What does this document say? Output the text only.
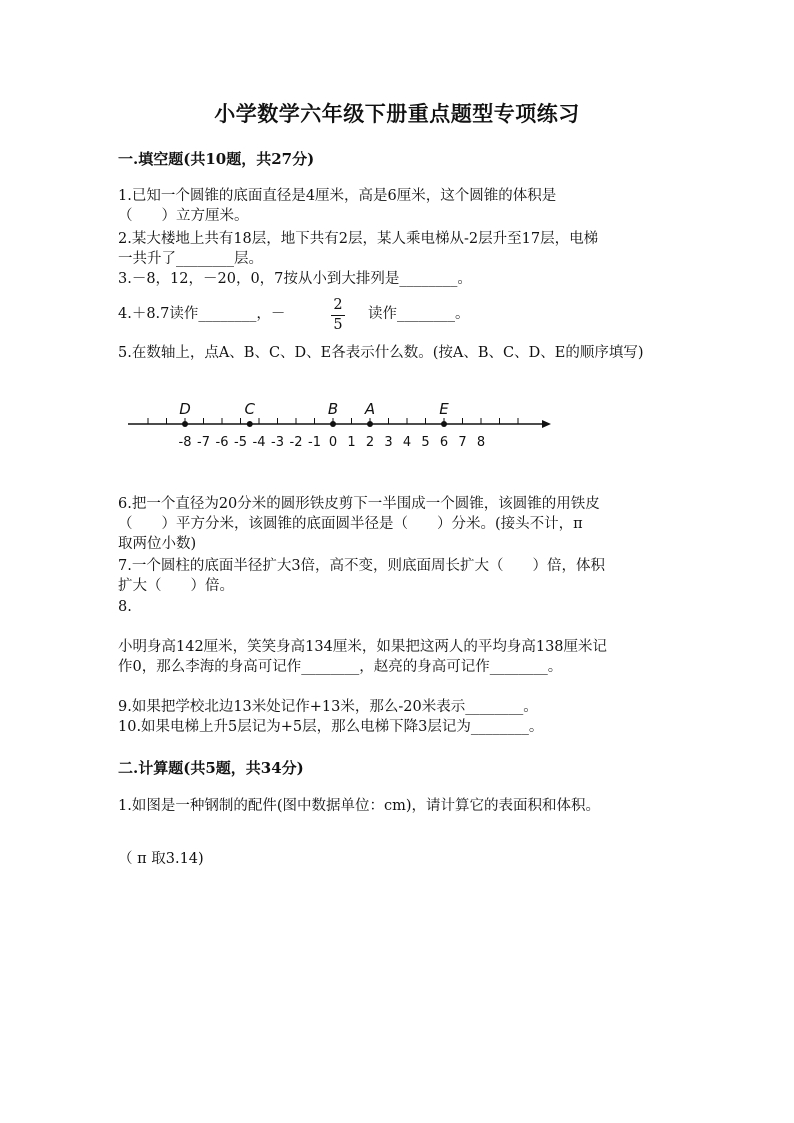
小学数学六年级下册重点题型专项练习
一.填空题(共10题，共27分)
1.已知一个圆锥的底面直径是4厘米，高是6厘米，这个圆锥的体积是
（　　）立方厘米。
2.某大楼地上共有18层，地下共有2层，某人乘电梯从-2层升至17层，电梯
一共升了________层。
3.－8，12，－20，0，7按从小到大排列是________。
4.＋8.7读作________，－
2
5
读作________。
5.在数轴上，点A、B、C、D、E各表示什么数。(按A、B、C、D、E的顺序填写)
-8 -7 -6 -5 -4 -3 -2 -1 0 1 2 3 4 5 6 7 8
D	C	B A	E
二.计算题(共5题，共34分)
6.把一个直径为20分米的圆形铁皮剪下一半围成一个圆锥，该圆锥的用铁皮
（　　）平方分米，该圆锥的底面圆半径是（　　）分米。(接头不计，π
取两位小数)
7.一个圆柱的底面半径扩大3倍，高不变，则底面周长扩大（　　）倍，体积
扩大（　　）倍。
8.
小明身高142厘米，笑笑身高134厘米，如果把这两人的平均身高138厘米记
作0，那么李海的身高可记作________，赵亮的身高可记作________。
9.如果把学校北边13米处记作+13米，那么-20米表示________。
10.如果电梯上升5层记为+5层，那么电梯下降3层记为________。
1.如图是一种钢制的配件(图中数据单位：cm)，请计算它的表面积和体积。
（ π 取3.14)
